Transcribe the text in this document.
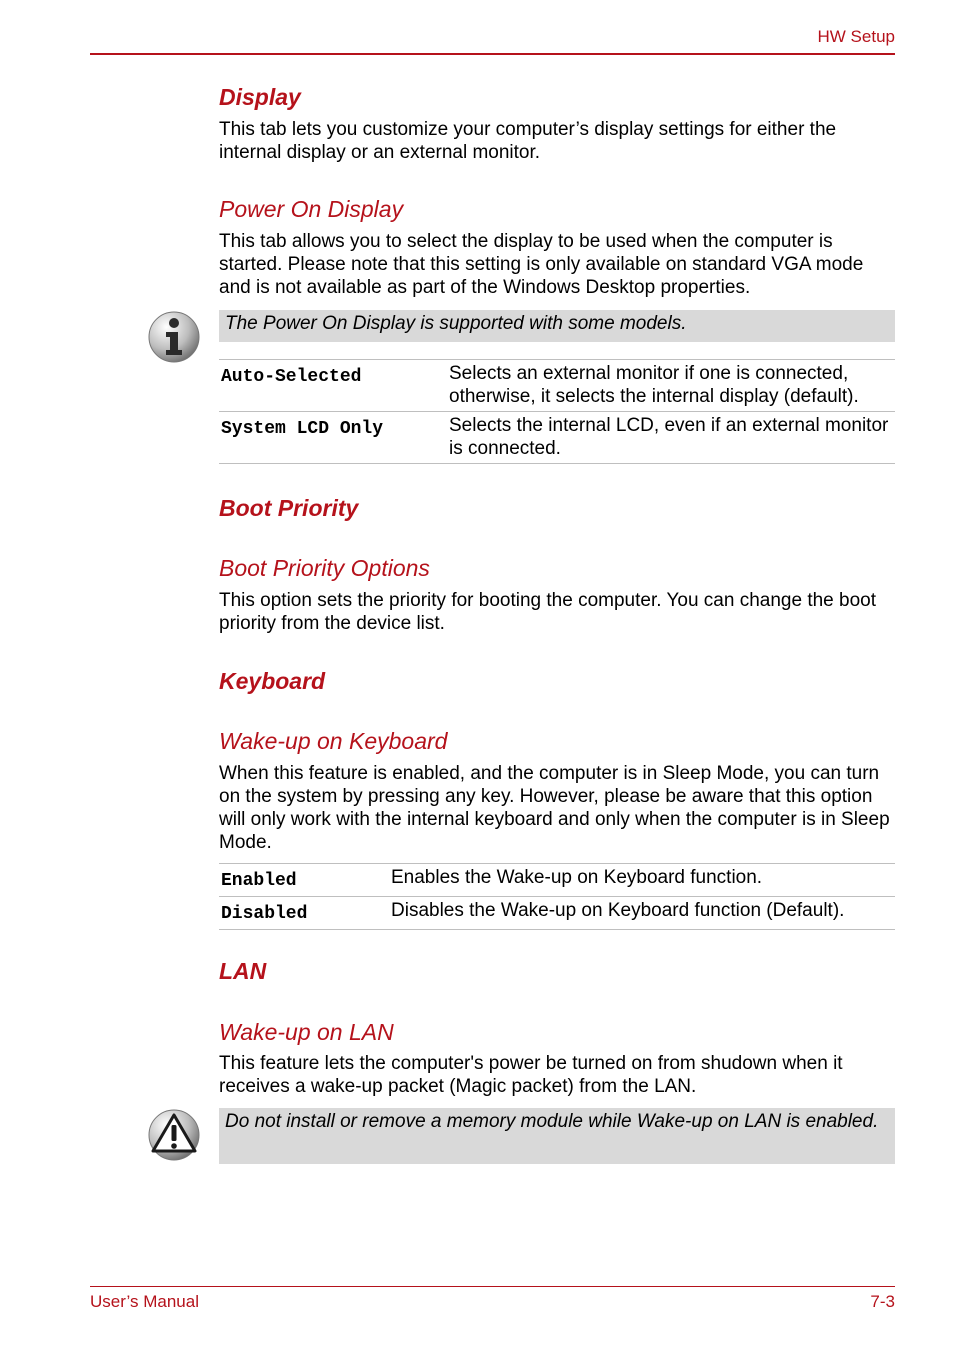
HW Setup
Display
This tab lets you customize your computer’s display settings for either the internal display or an external monitor.
Power On Display
This tab allows you to select the display to be used when the computer is started. Please note that this setting is only available on standard VGA mode and is not available as part of the Windows Desktop properties.
The Power On Display is supported with some models.
Auto-Selected	Selects an external monitor if one is connected, otherwise, it selects the internal display (default).
System LCD Only	Selects the internal LCD, even if an external monitor is connected.
Boot Priority
Boot Priority Options
This option sets the priority for booting the computer. You can change the boot priority from the device list.
Keyboard
Wake-up on Keyboard
When this feature is enabled, and the computer is in Sleep Mode, you can turn on the system by pressing any key. However, please be aware that this option will only work with the internal keyboard and only when the computer is in Sleep Mode.
Enabled	Enables the Wake-up on Keyboard function.
Disabled	Disables the Wake-up on Keyboard function (Default).
LAN
Wake-up on LAN
This feature lets the computer's power be turned on from shudown when it receives a wake-up packet (Magic packet) from the LAN.
Do not install or remove a memory module while Wake-up on LAN is enabled.
User’s Manual	7-3
